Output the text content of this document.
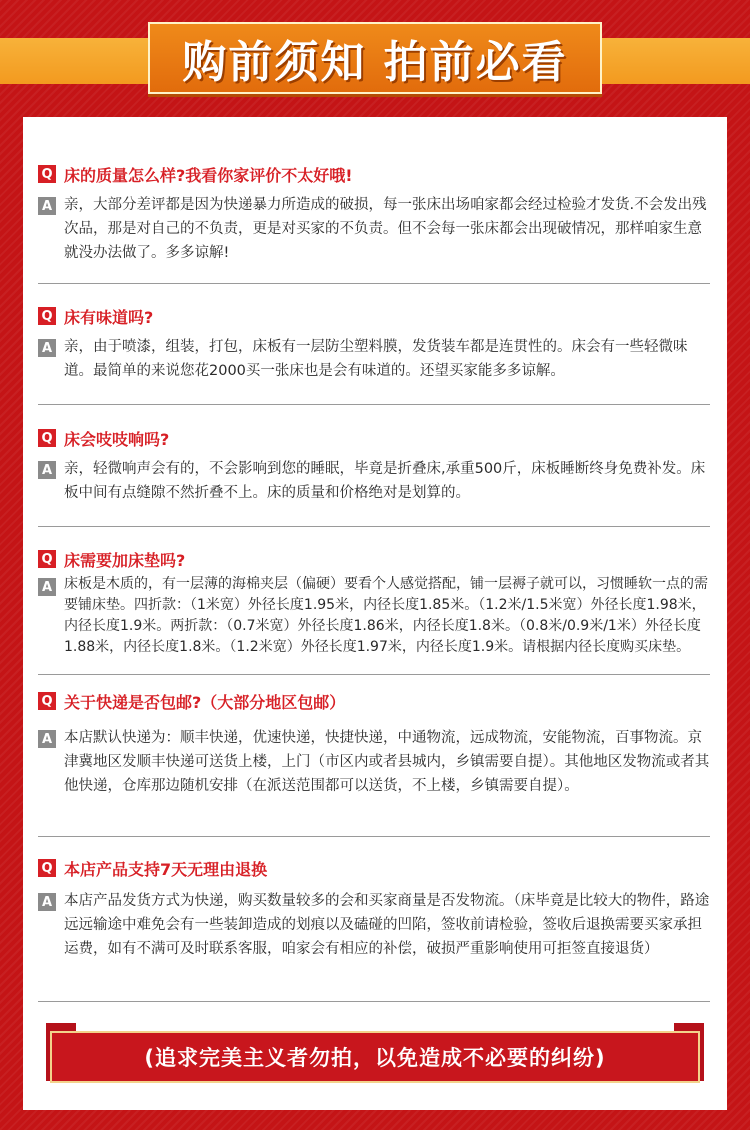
购前须知 拍前必看
Q 床的质量怎么样?我看你家评价不太好哦!
A 亲，大部分差评都是因为快递暴力所造成的破损，每一张床出场咱家都会经过检验才发货.不会发出残次品，那是对自己的不负责，更是对买家的不负责。但不会每一张床都会出现破情况，那样咱家生意就没办法做了。多多谅解!

Q 床有味道吗?
A 亲，由于喷漆，组装，打包，床板有一层防尘塑料膜，发货装车都是连贯性的。床会有一些轻微味道。最简单的来说您花2000买一张床也是会有味道的。还望买家能多多谅解。

Q 床会吱吱响吗?
A 亲，轻微响声会有的，不会影响到您的睡眠，毕竟是折叠床,承重500斤，床板睡断终身免费补发。床板中间有点缝隙不然折叠不上。床的质量和价格绝对是划算的。

Q 床需要加床垫吗?
A 床板是木质的，有一层薄的海棉夹层（偏硬）要看个人感觉搭配，铺一层褥子就可以，习惯睡软一点的需要铺床垫。四折款：（1米宽）外径长度1.95米，内径长度1.85米。（1.2米/1.5米宽）外径长度1.98米，内径长度1.9米。两折款：（0.7米宽）外径长度1.86米，内径长度1.8米。（0.8米/0.9米/1米）外径长度1.88米，内径长度1.8米。（1.2米宽）外径长度1.97米，内径长度1.9米。请根据内径长度购买床垫。

Q 关于快递是否包邮?（大部分地区包邮）
A 本店默认快递为：顺丰快递，优速快递，快捷快递，中通物流，远成物流，安能物流，百事物流。京津冀地区发顺丰快递可送货上楼，上门（市区内或者县城内，乡镇需要自提）。其他地区发物流或者其他快递，仓库那边随机安排（在派送范围都可以送货，不上楼，乡镇需要自提）。

Q 本店产品支持7天无理由退换
A 本店产品发货方式为快递，购买数量较多的会和买家商量是否发物流。（床毕竟是比较大的物件，路途远远输途中难免会有一些装卸造成的划痕以及磕碰的凹陷，签收前请检验，签收后退换需要买家承担运费，如有不满可及时联系客服，咱家会有相应的补偿，破损严重影响使用可拒签直接退货）

(追求完美主义者勿拍，以免造成不必要的纠纷)
